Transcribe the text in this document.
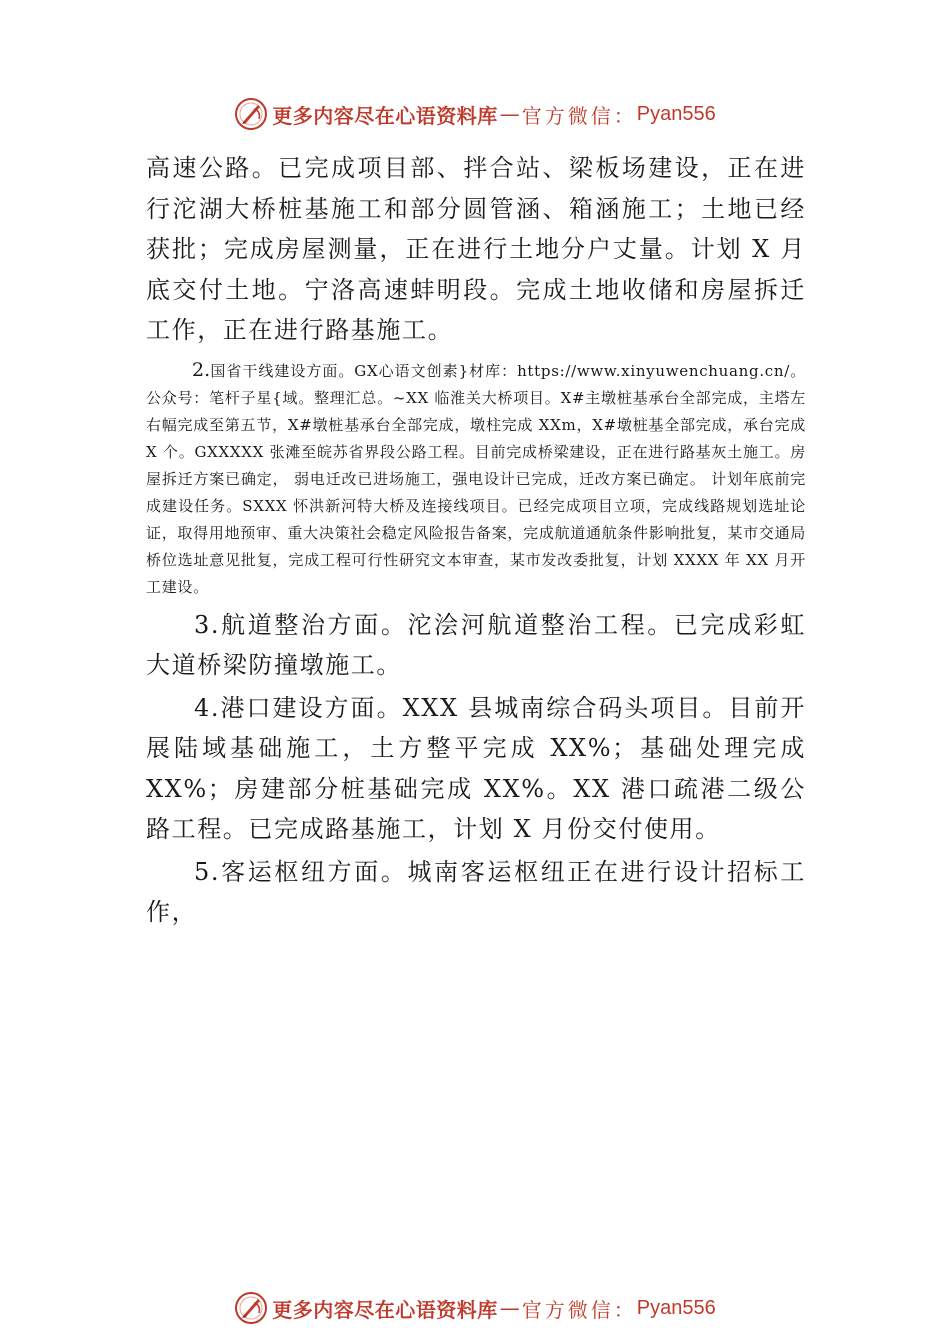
更多内容尽在心语资料库 — 官方微信： Pyan556

高速公路。已完成项目部、拌合站、梁板场建设，正在进行沱湖大桥桩基施工和部分圆管涵、箱涵施工；土地已经获批；完成房屋测量，正在进行土地分户丈量。计划 X 月底交付土地。宁洛高速蚌明段。完成土地收储和房屋拆迁工作，正在进行路基施工。

2.国省干线建设方面。GX心语文创素}材库：https://www.xinyuwenchuang.cn/。公众号：笔杆子星{域。整理汇总。~XX 临淮关大桥项目。X#主墩桩基承台全部完成，主塔左右幅完成至第五节，X#墩桩基承台全部完成，墩柱完成 XXm，X#墩桩基全部完成，承台完成 X 个。GXXXXX 张滩至皖苏省界段公路工程。目前完成桥梁建设，正在进行路基灰土施工。房屋拆迁方案已确定， 弱电迁改已进场施工，强电设计已完成，迁改方案已确定。 计划年底前完成建设任务。SXXX 怀洪新河特大桥及连接线项目。已经完成项目立项，完成线路规划选址论证，取得用地预审、重大决策社会稳定风险报告备案，完成航道通航条件影响批复，某市交通局桥位选址意见批复，完成工程可行性研究文本审查，某市发改委批复，计划 XXXX 年 XX 月开工建设。

3.航道整治方面。沱浍河航道整治工程。已完成彩虹大道桥梁防撞墩施工。

4.港口建设方面。XXX 县城南综合码头项目。目前开展陆域基础施工，土方整平完成 XX%；基础处理完成 XX%；房建部分桩基础完成 XX%。XX 港口疏港二级公路工程。已完成路基施工，计划 X 月份交付使用。

5.客运枢纽方面。城南客运枢纽正在进行设计招标工作，

更多内容尽在心语资料库 — 官方微信： Pyan556
